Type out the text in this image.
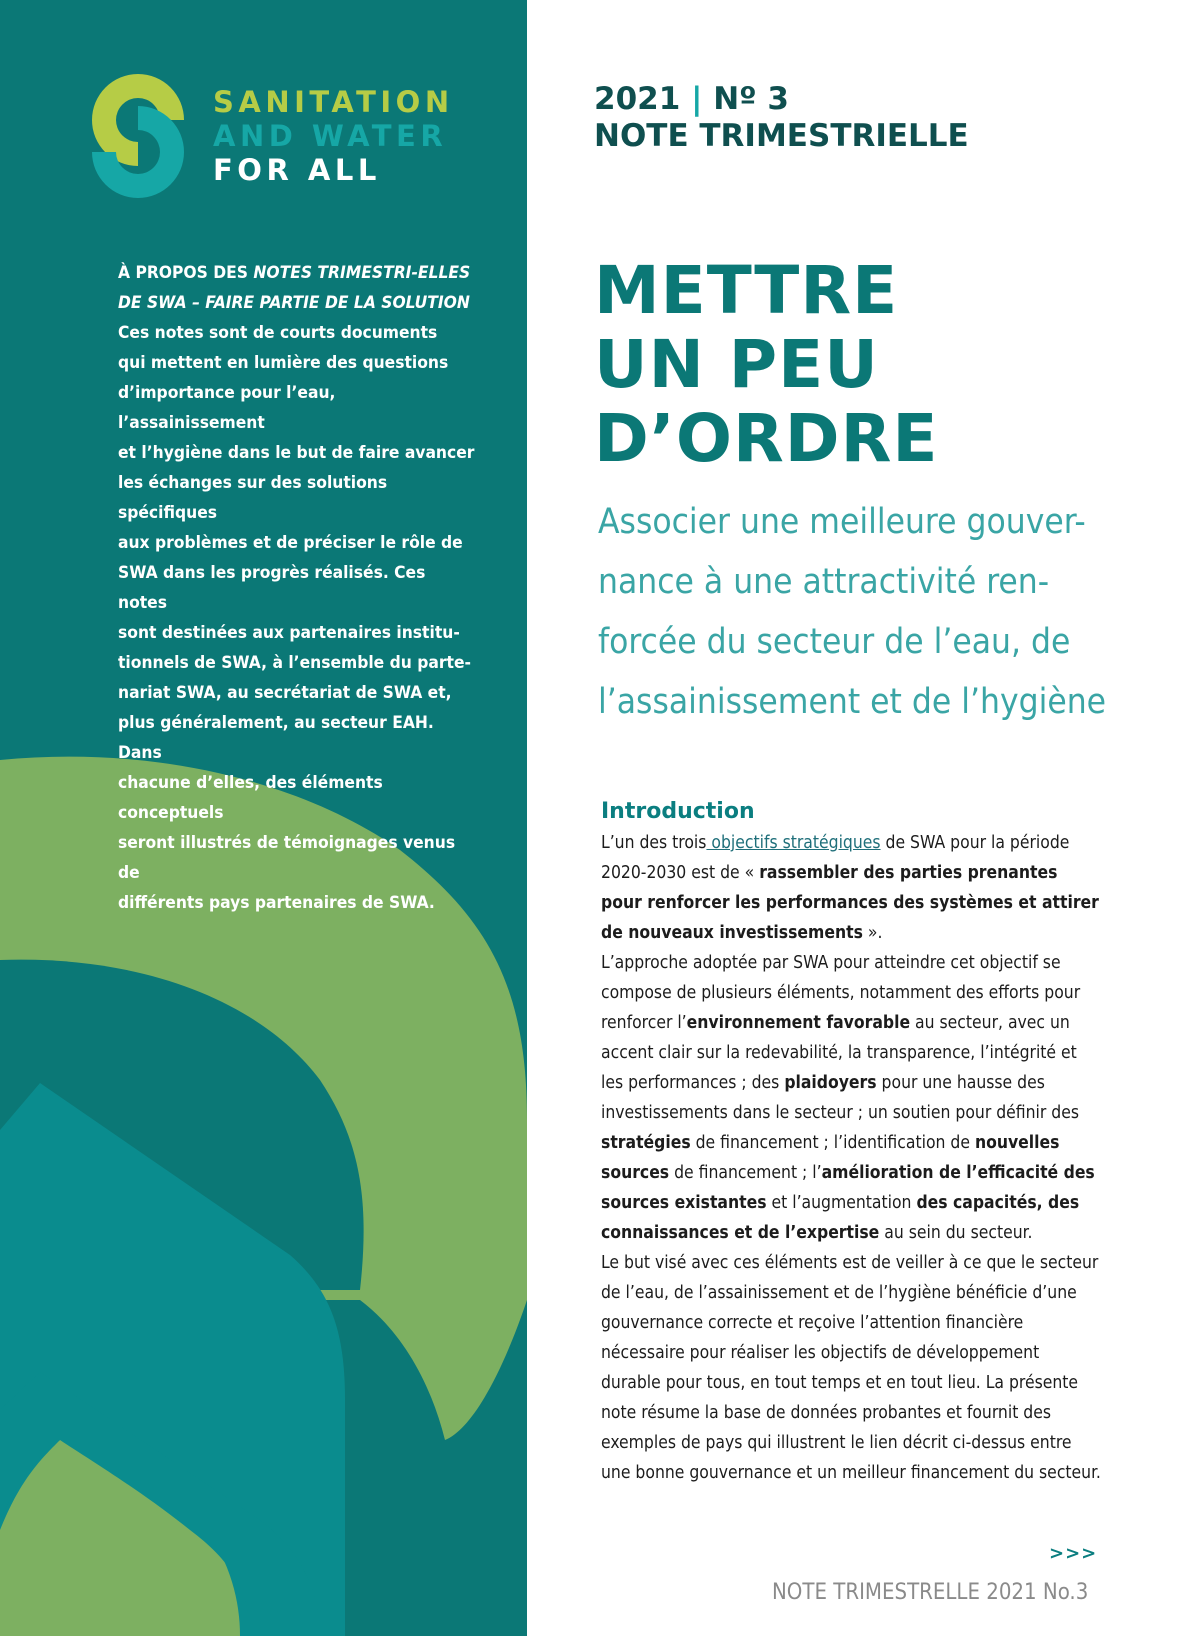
SANITATION
AND WATER
FOR ALL

À PROPOS DES NOTES TRIMESTRI-ELLES DE SWA – FAIRE PARTIE DE LA SOLUTION

Ces notes sont de courts documents

qui mettent en lumière des questions

d’importance pour l’eau, l’assainissement

et l’hygiène dans le but de faire avancer

les échanges sur des solutions spécifiques

aux problèmes et de préciser le rôle de

SWA dans les progrès réalisés. Ces notes

sont destinées aux partenaires institu-

tionnels de SWA, à l’ensemble du parte-

nariat SWA, au secrétariat de SWA et,

plus généralement, au secteur EAH. Dans

chacune d’elles, des éléments conceptuels

seront illustrés de témoignages venus de

différents pays partenaires de SWA.

2021 | Nº 3
NOTE TRIMESTRIELLE
METTRE
UN PEU
D’ORDRE
Associer une meilleure gouver-
nance à une attractivité ren-
forcée du secteur de l’eau, de
l’assainissement et de l’hygiène
Introduction

L’un des trois objectifs stratégiques de SWA pour la période 2020-2030 est de « rassembler des parties prenantes pour renforcer les performances des systèmes et attirer de nouveaux investissements ».

L’approche adoptée par SWA pour atteindre cet objectif se compose de plusieurs éléments, notamment des efforts pour renforcer l’environnement favorable au secteur, avec un accent clair sur la redevabilité, la transparence, l’intégrité et les performances ; des plaidoyers pour une hausse des investissements dans le secteur ; un soutien pour définir des stratégies de financement ; l’identification de nouvelles sources de financement ; l’amélioration de l’efficacité des sources existantes et l’augmentation des capacités, des connaissances et de l’expertise au sein du secteur.

Le but visé avec ces éléments est de veiller à ce que le secteur de l’eau, de l’assainissement et de l’hygiène bénéficie d’une gouvernance correcte et reçoive l’attention financière nécessaire pour réaliser les objectifs de développement durable pour tous, en tout temps et en tout lieu. La présente note résume la base de données probantes et fournit des exemples de pays qui illustrent le lien décrit ci-dessus entre une bonne gouvernance et un meilleur financement du secteur.

>>>
NOTE TRIMESTRELLE 2021 No.3
